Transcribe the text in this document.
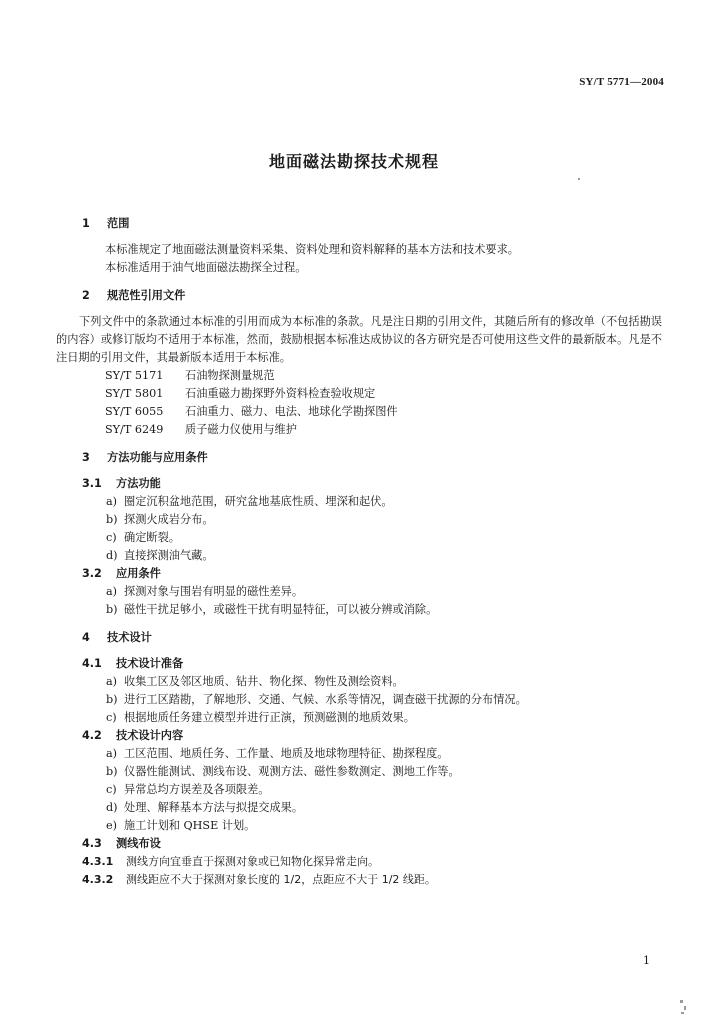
SY/T 5771—2004
地面磁法勘探技术规程
1 范围

本标准规定了地面磁法测量资料采集、资料处理和资料解释的基本方法和技术要求。

本标准适用于油气地面磁法勘探全过程。

2 规范性引用文件

下列文件中的条款通过本标准的引用而成为本标准的条款。凡是注日期的引用文件，其随后所有的修改单（不包括勘误的内容）或修订版均不适用于本标准，然而，鼓励根据本标准达成协议的各方研究是否可使用这些文件的最新版本。凡是不注日期的引用文件，其最新版本适用于本标准。

SY/T 5171 石油物探测量规范

SY/T 5801 石油重磁力勘探野外资料检查验收规定

SY/T 6055 石油重力、磁力、电法、地球化学勘探图件

SY/T 6249 质子磁力仪使用与维护

3 方法功能与应用条件
3.1 方法功能

a) 圈定沉积盆地范围，研究盆地基底性质、埋深和起伏。

b) 探测火成岩分布。

c) 确定断裂。

d) 直接探测油气藏。

3.2 应用条件

a) 探测对象与围岩有明显的磁性差异。

b) 磁性干扰足够小，或磁性干扰有明显特征，可以被分辨或消除。

4 技术设计
4.1 技术设计准备

a) 收集工区及邻区地质、钻井、物化探、物性及测绘资料。

b) 进行工区踏勘，了解地形、交通、气候、水系等情况，调查磁干扰源的分布情况。

c) 根据地质任务建立模型并进行正演，预测磁测的地质效果。

4.2 技术设计内容

a) 工区范围、地质任务、工作量、地质及地球物理特征、勘探程度。

b) 仪器性能测试、测线布设、观测方法、磁性参数测定、测地工作等。

c) 异常总均方误差及各项限差。

d) 处理、解释基本方法与拟提交成果。

e) 施工计划和 QHSE 计划。

4.3 测线布设

4.3.1 测线方向宜垂直于探测对象或已知物化探异常走向。

4.3.2 测线距应不大于探测对象长度的 1/2，点距应不大于 1/2 线距。

1
